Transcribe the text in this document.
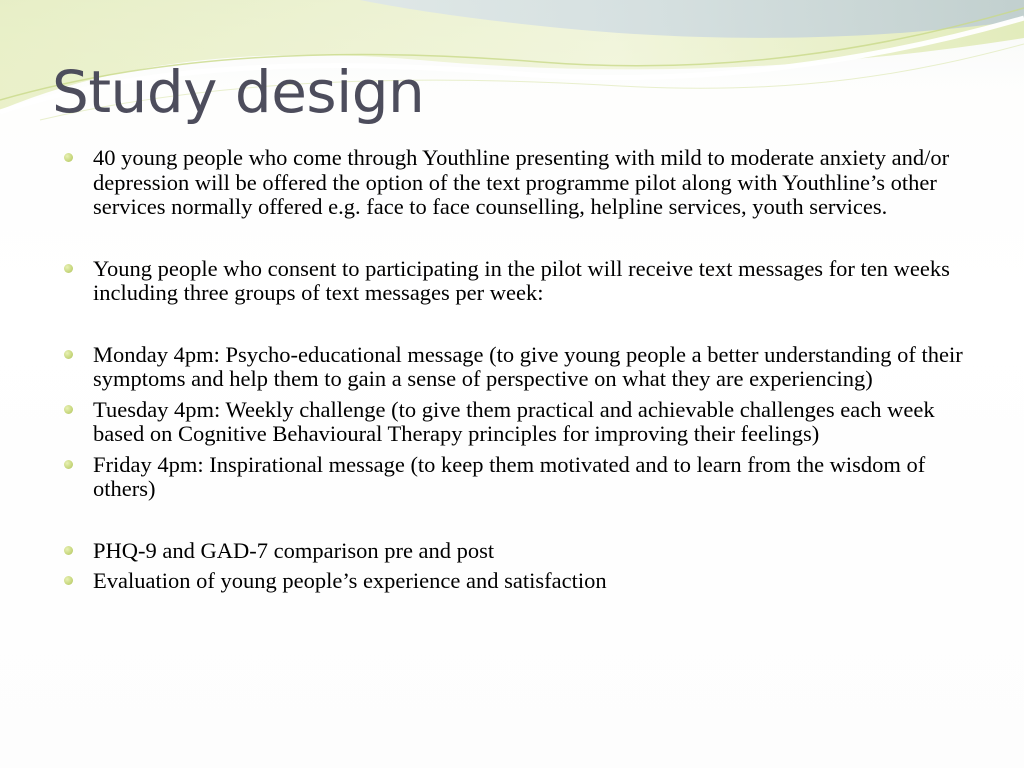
Study design
40 young people who come through Youthline presenting with mild to moderate anxiety and/or depression will be offered the option of the text programme pilot along with Youthline’s other services normally offered e.g. face to face counselling, helpline services, youth services.
Young people who consent to participating in the pilot will receive text messages for ten weeks including three groups of text messages per week:
Monday 4pm: Psycho-educational message (to give young people a better understanding of their symptoms and help them to gain a sense of perspective on what they are experiencing)
Tuesday 4pm: Weekly challenge (to give them practical and achievable challenges each week based on Cognitive Behavioural Therapy principles for improving their feelings)
Friday 4pm: Inspirational message (to keep them motivated and to learn from the wisdom of others)
PHQ-9 and GAD-7 comparison pre and post
Evaluation of young people’s experience and satisfaction
